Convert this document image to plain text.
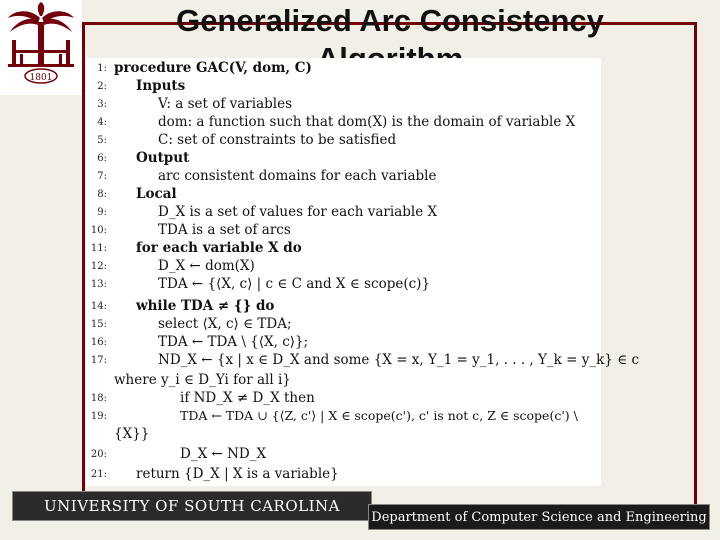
1801
Generalized Arc Consistency
1: procedure GAC(V, dom, C)
2: Inputs
3:	V: a set of variables
4:	dom: a function such that dom(X) is the domain of variable X
5:	C: set of constraints to be satisfied
6: Output
7:	arc consistent domains for each variable
8: Local
9:	D_X is a set of values for each variable X
10:	TDA is a set of arcs
11: for each variable X do
12:	D_X ← dom(X)
13:	TDA ← {⟨X, c⟩ | c ∈ C and X ∈ scope(c)}
14: while TDA ≠ {} do
15:	select ⟨X, c⟩ ∈ TDA;
16:	TDA ← TDA \ {⟨X, c⟩};
17:	ND_X ← {x | x ∈ D_X and some {X = x, Y_1 = y_1, . . . , Y_k = y_k} ∈ c
where y_i ∈ D_Yi for all i}
18:	if ND_X ≠ D_X then
19:	TDA ← TDA ∪ {⟨Z, c'⟩ | X ∈ scope(c'), c' is not c, Z ∈ scope(c') \
{X}}
20:	D_X ← ND_X
21: return {D_X | X is a variable}
UNIVERSITY OF SOUTH CAROLINA
Department of Computer Science and Engineering
